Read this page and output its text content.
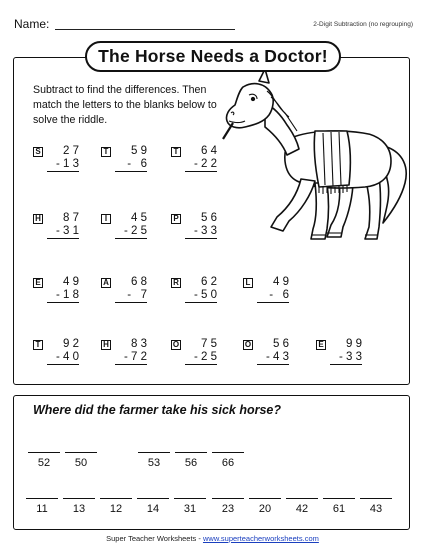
Name:	2-Digit Subtraction (no regrouping)
The Horse Needs a Doctor!
Subtract to find the differences. Then match the letters to the blanks below to solve the riddle.
S	2 7
- 1 3
T	5 9
-   6
T	6 4
- 2 2
H	8 7
- 3 1
I	4 5
- 2 5
P	5 6
- 3 3
E	4 9
- 1 8
A	6 8
-   7
R	6 2
- 5 0
L	4 9
-   6
T	9 2
- 4 0
H	8 3
- 7 2
O	7 5
- 2 5
O	5 6
- 4 3
E	9 9
- 3 3
Where did the farmer take his sick horse?
52	50	53	56	66
11	13	12	14	31	23	20	42	61	43
Super Teacher Worksheets - www.superteacherworksheets.com
